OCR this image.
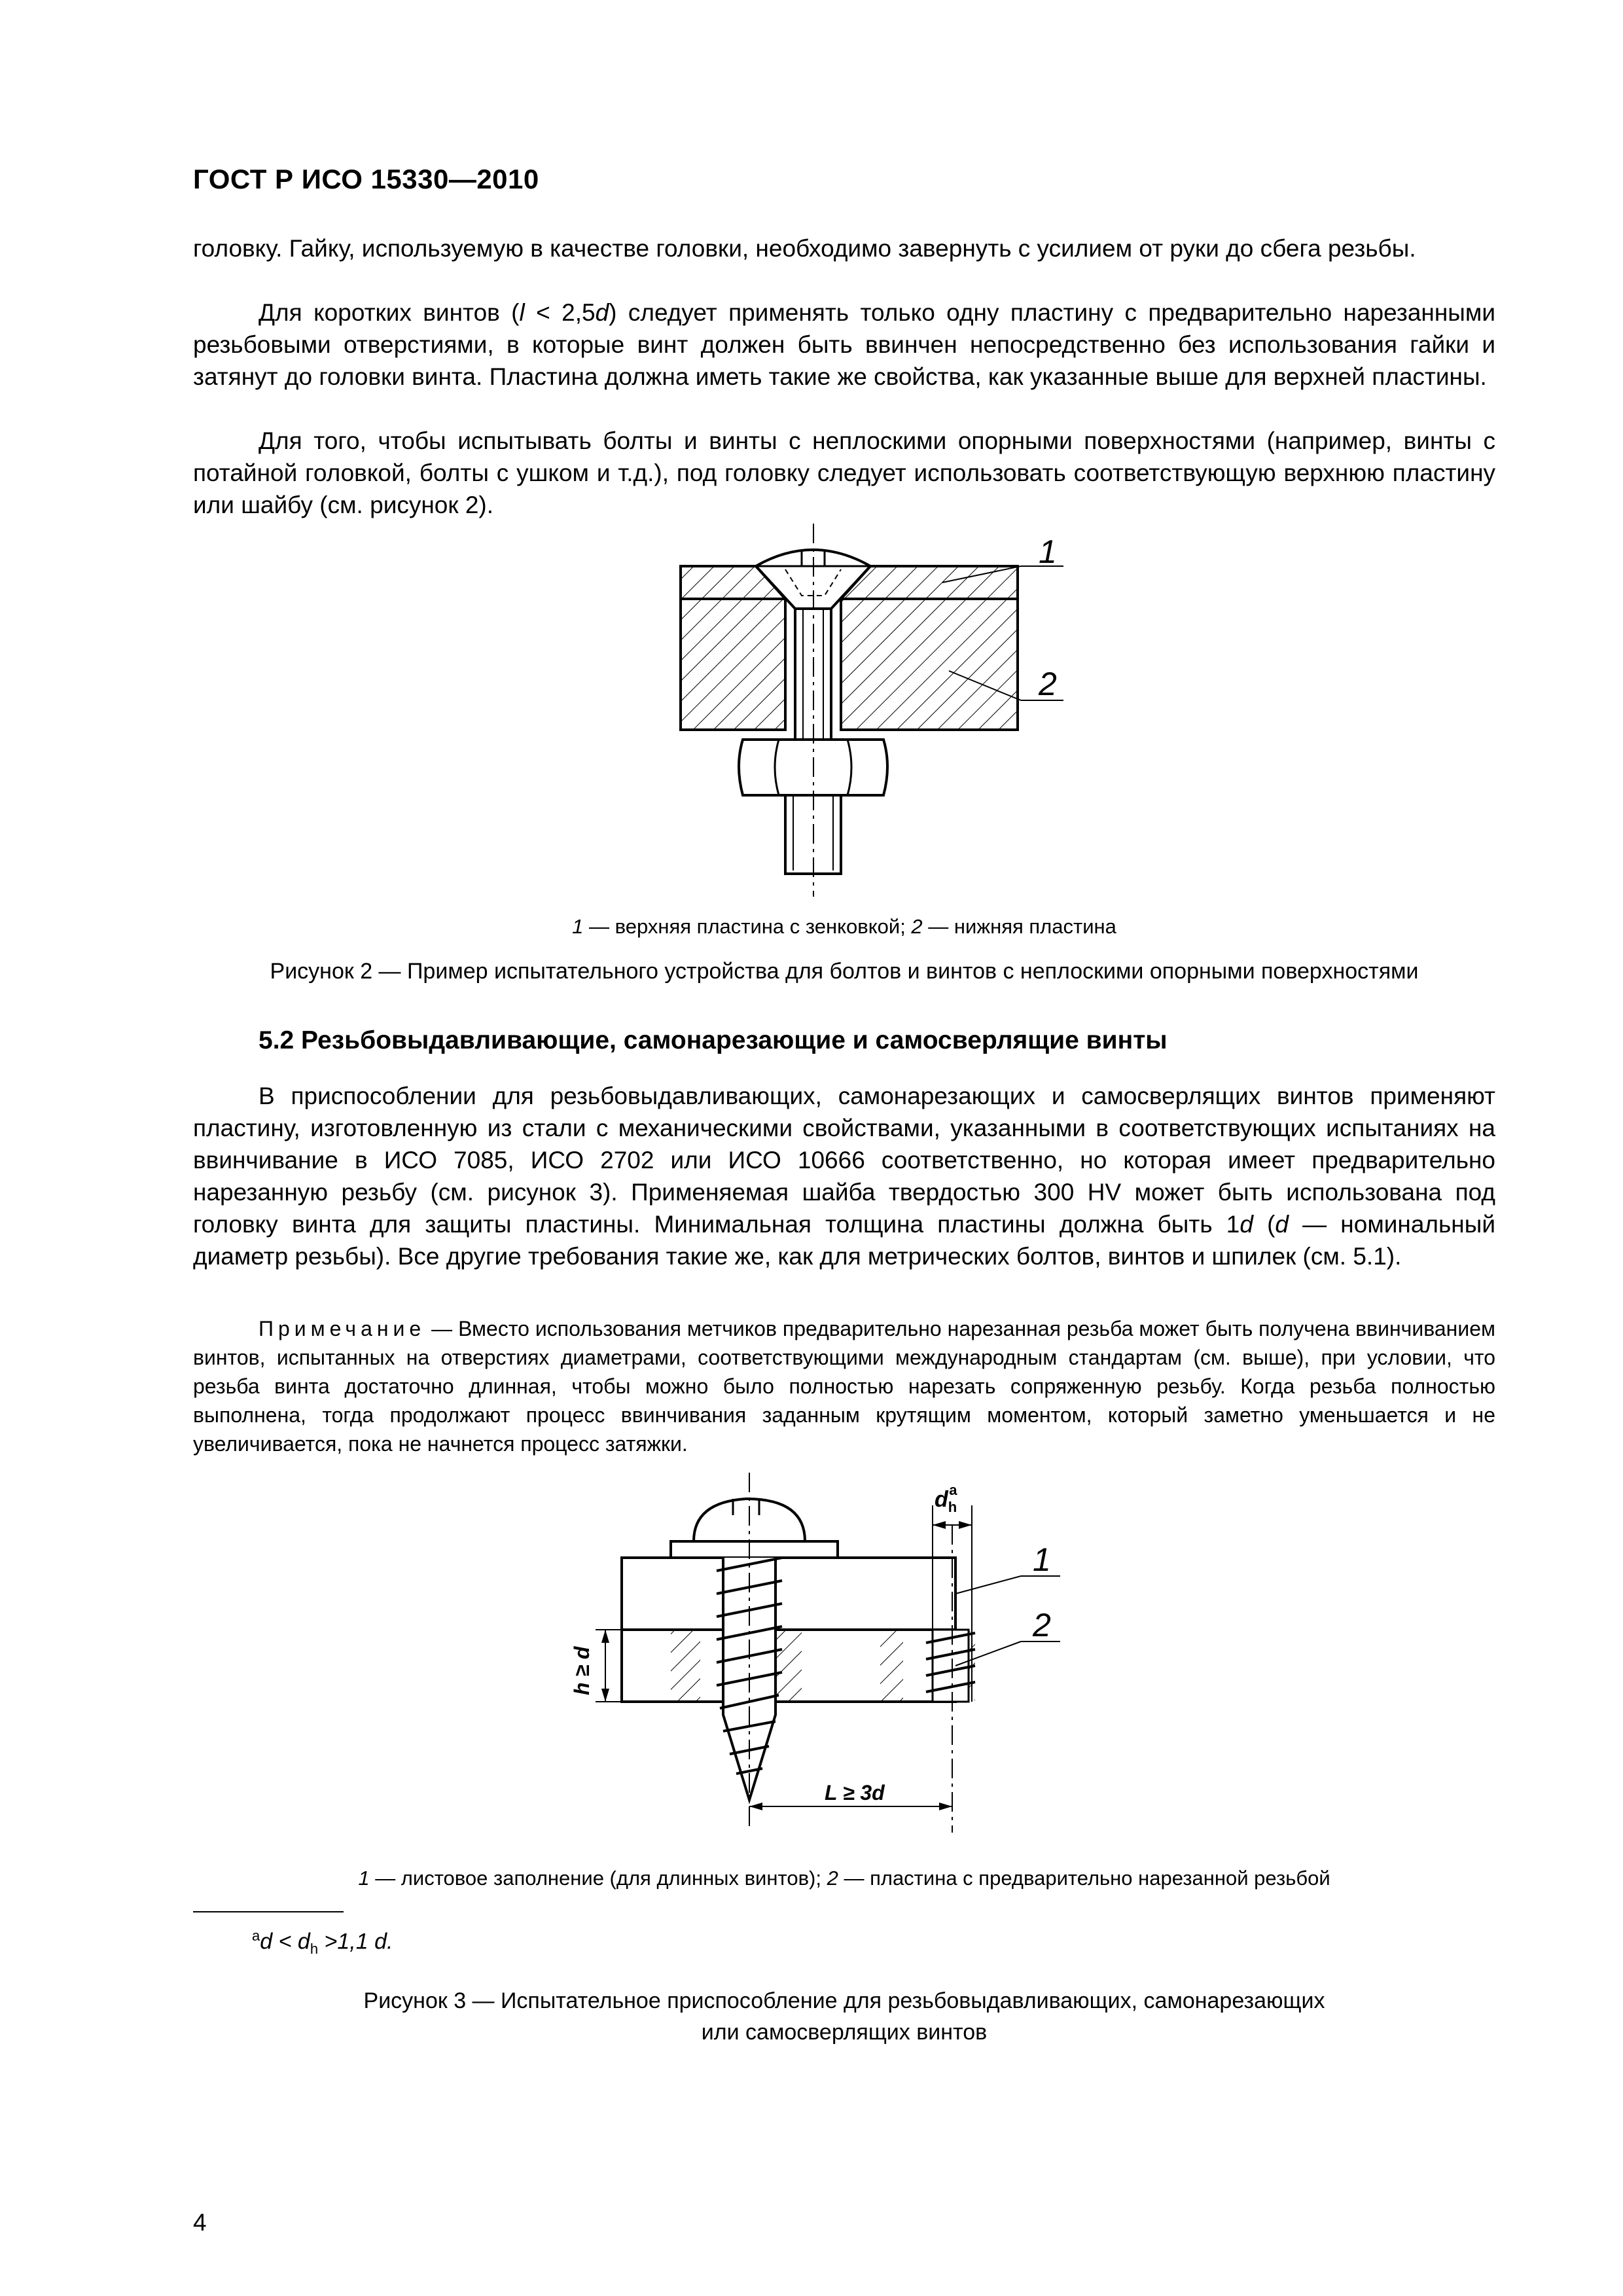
ГОСТ Р ИСО 15330—2010

головку. Гайку, используемую в качестве головки, необходимо завернуть с усилием от руки до сбега резьбы.

Для коротких винтов (l < 2,5d) следует применять только одну пластину с предварительно нарезанными резьбовыми отверстиями, в которые винт должен быть ввинчен непосредственно без использования гайки и затянут до головки винта. Пластина должна иметь такие же свойства, как указанные выше для верхней пластины.

Для того, чтобы испытывать болты и винты с неплоскими опорными поверхностями (например, винты с потайной головкой, болты с ушком и т.д.), под головку следует использовать соответствующую верхнюю пластину или шайбу (см. рисунок 2).

1
2
1 — верхняя пластина с зенковкой; 2 — нижняя пластина
Рисунок 2 — Пример испытательного устройства для болтов и винтов с неплоскими опорными поверхностями
5.2 Резьбовыдавливающие, самонарезающие и самосверлящие винты

В приспособлении для резьбовыдавливающих, самонарезающих и самосверлящих винтов применяют пластину, изготовленную из стали с механическими свойствами, указанными в соответствующих испытаниях на ввинчивание в ИСО 7085, ИСО 2702 или ИСО 10666 соответственно, но которая имеет предварительно нарезанную резьбу (см. рисунок 3). Применяемая шайба твердостью 300 HV может быть использована под головку винта для защиты пластины. Минимальная толщина пластины должна быть 1d (d — номинальный диаметр резьбы). Все другие требования такие же, как для метрических болтов, винтов и шпилек (см. 5.1).

Примечание — Вместо использования метчиков предварительно нарезанная резьба может быть получена ввинчиванием винтов, испытанных на отверстиях диаметрами, соответствующими международным стандартам (см. выше), при условии, что резьба винта достаточно длинная, чтобы можно было полностью нарезать сопряженную резьбу. Когда резьба полностью выполнена, тогда продолжают процесс ввинчивания заданным крутящим моментом, который заметно уменьшается и не увеличивается, пока не начнется процесс затяжки.

1
2
$d_ha$
h ≥ d
L ≥ 3d
1 — листовое заполнение (для длинных винтов); 2 — пластина с предварительно нарезанной резьбой
$^ad < d_h >1,1$ d.
Рисунок 3 — Испытательное приспособление для резьбовыдавливающих, самонарезающих
или самосверлящих винтов
4
